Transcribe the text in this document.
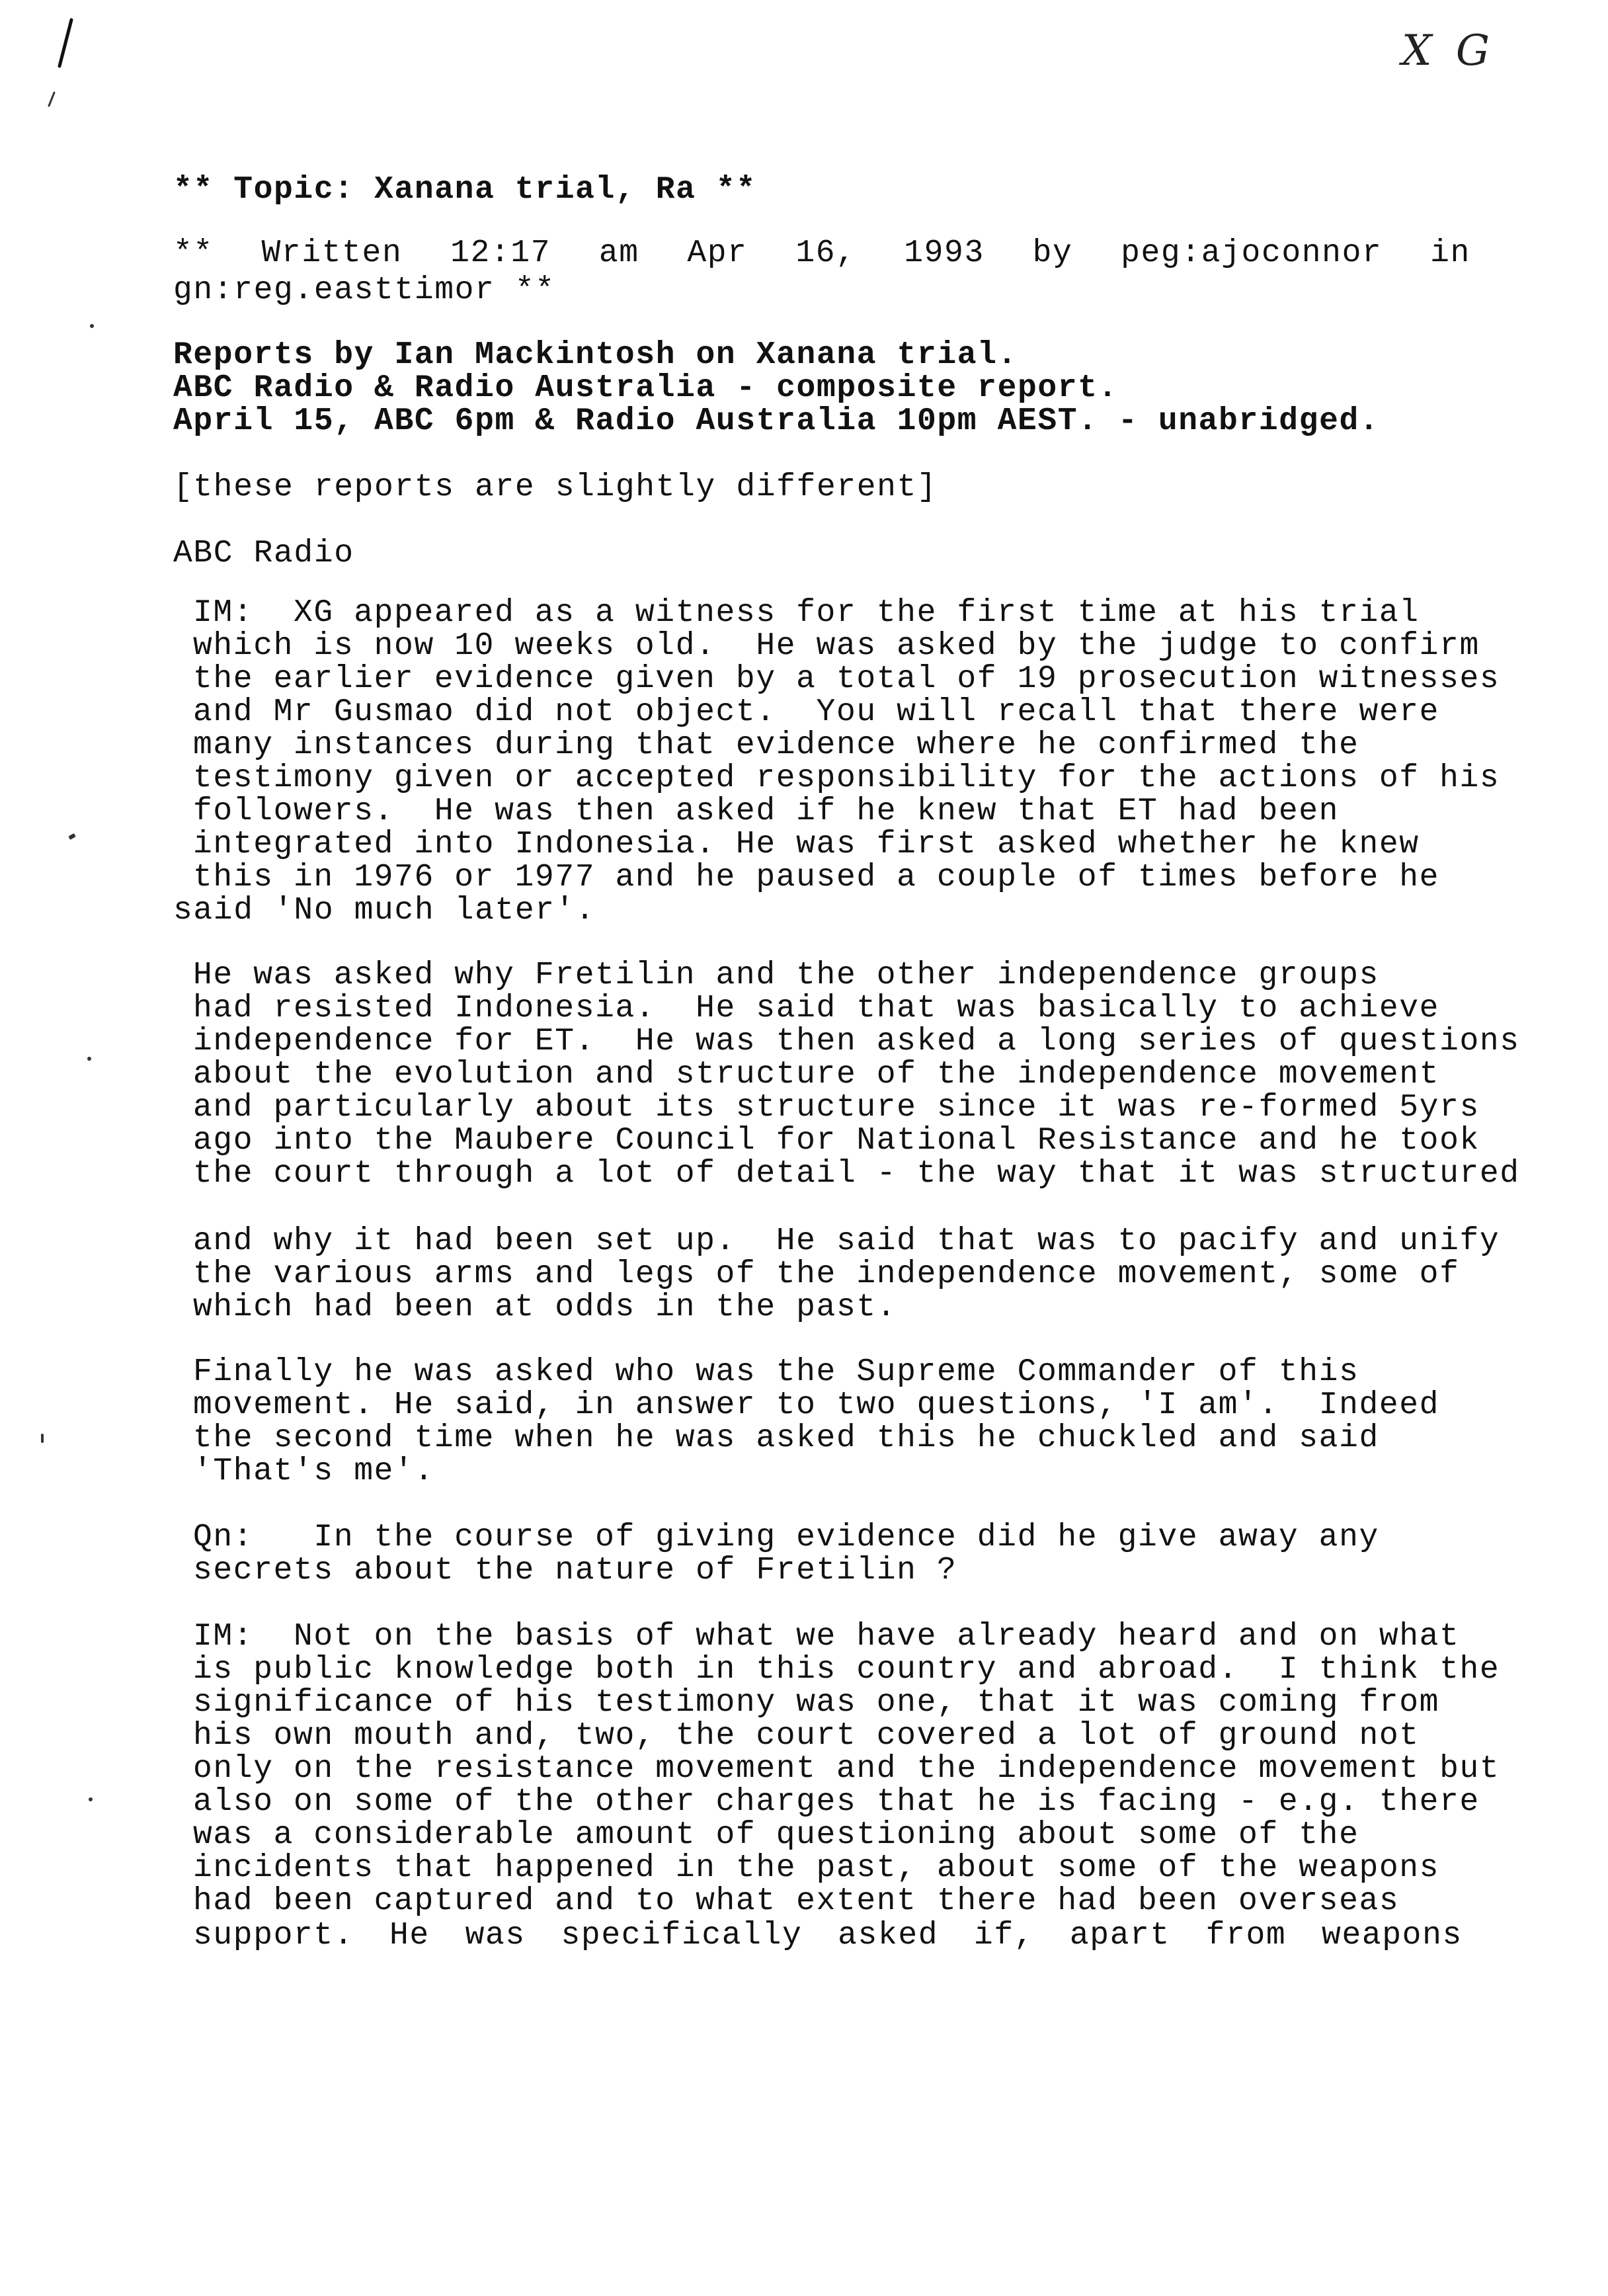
X G
** Topic: Xanana trial, Ra **
** Written 12:17 am Apr 16, 1993 by peg:ajoconnor in
gn:reg.easttimor **
Reports by Ian Mackintosh on Xanana trial.
ABC Radio & Radio Australia - composite report.
April 15, ABC 6pm & Radio Australia 10pm AEST. - unabridged.
[these reports are slightly different]
ABC Radio
IM:  XG appeared as a witness for the first time at his trial
which is now 10 weeks old.  He was asked by the judge to confirm
the earlier evidence given by a total of 19 prosecution witnesses
and Mr Gusmao did not object.  You will recall that there were
many instances during that evidence where he confirmed the
testimony given or accepted responsibility for the actions of his
followers.  He was then asked if he knew that ET had been
integrated into Indonesia. He was first asked whether he knew
this in 1976 or 1977 and he paused a couple of times before he
said 'No much later'.
He was asked why Fretilin and the other independence groups
had resisted Indonesia.  He said that was basically to achieve
independence for ET.  He was then asked a long series of questions
about the evolution and structure of the independence movement
and particularly about its structure since it was re-formed 5yrs
ago into the Maubere Council for National Resistance and he took
the court through a lot of detail - the way that it was structured
and why it had been set up.  He said that was to pacify and unify
the various arms and legs of the independence movement, some of
which had been at odds in the past.
Finally he was asked who was the Supreme Commander of this
movement. He said, in answer to two questions, 'I am'.  Indeed
the second time when he was asked this he chuckled and said
'That's me'.
Qn:   In the course of giving evidence did he give away any
secrets about the nature of Fretilin ?
IM:  Not on the basis of what we have already heard and on what
is public knowledge both in this country and abroad.  I think the
significance of his testimony was one, that it was coming from
his own mouth and, two, the court covered a lot of ground not
only on the resistance movement and the independence movement but
also on some of the other charges that he is facing - e.g. there
was a considerable amount of questioning about some of the
incidents that happened in the past, about some of the weapons
had been captured and to what extent there had been overseas
support. He was specifically asked if, apart from weapons
